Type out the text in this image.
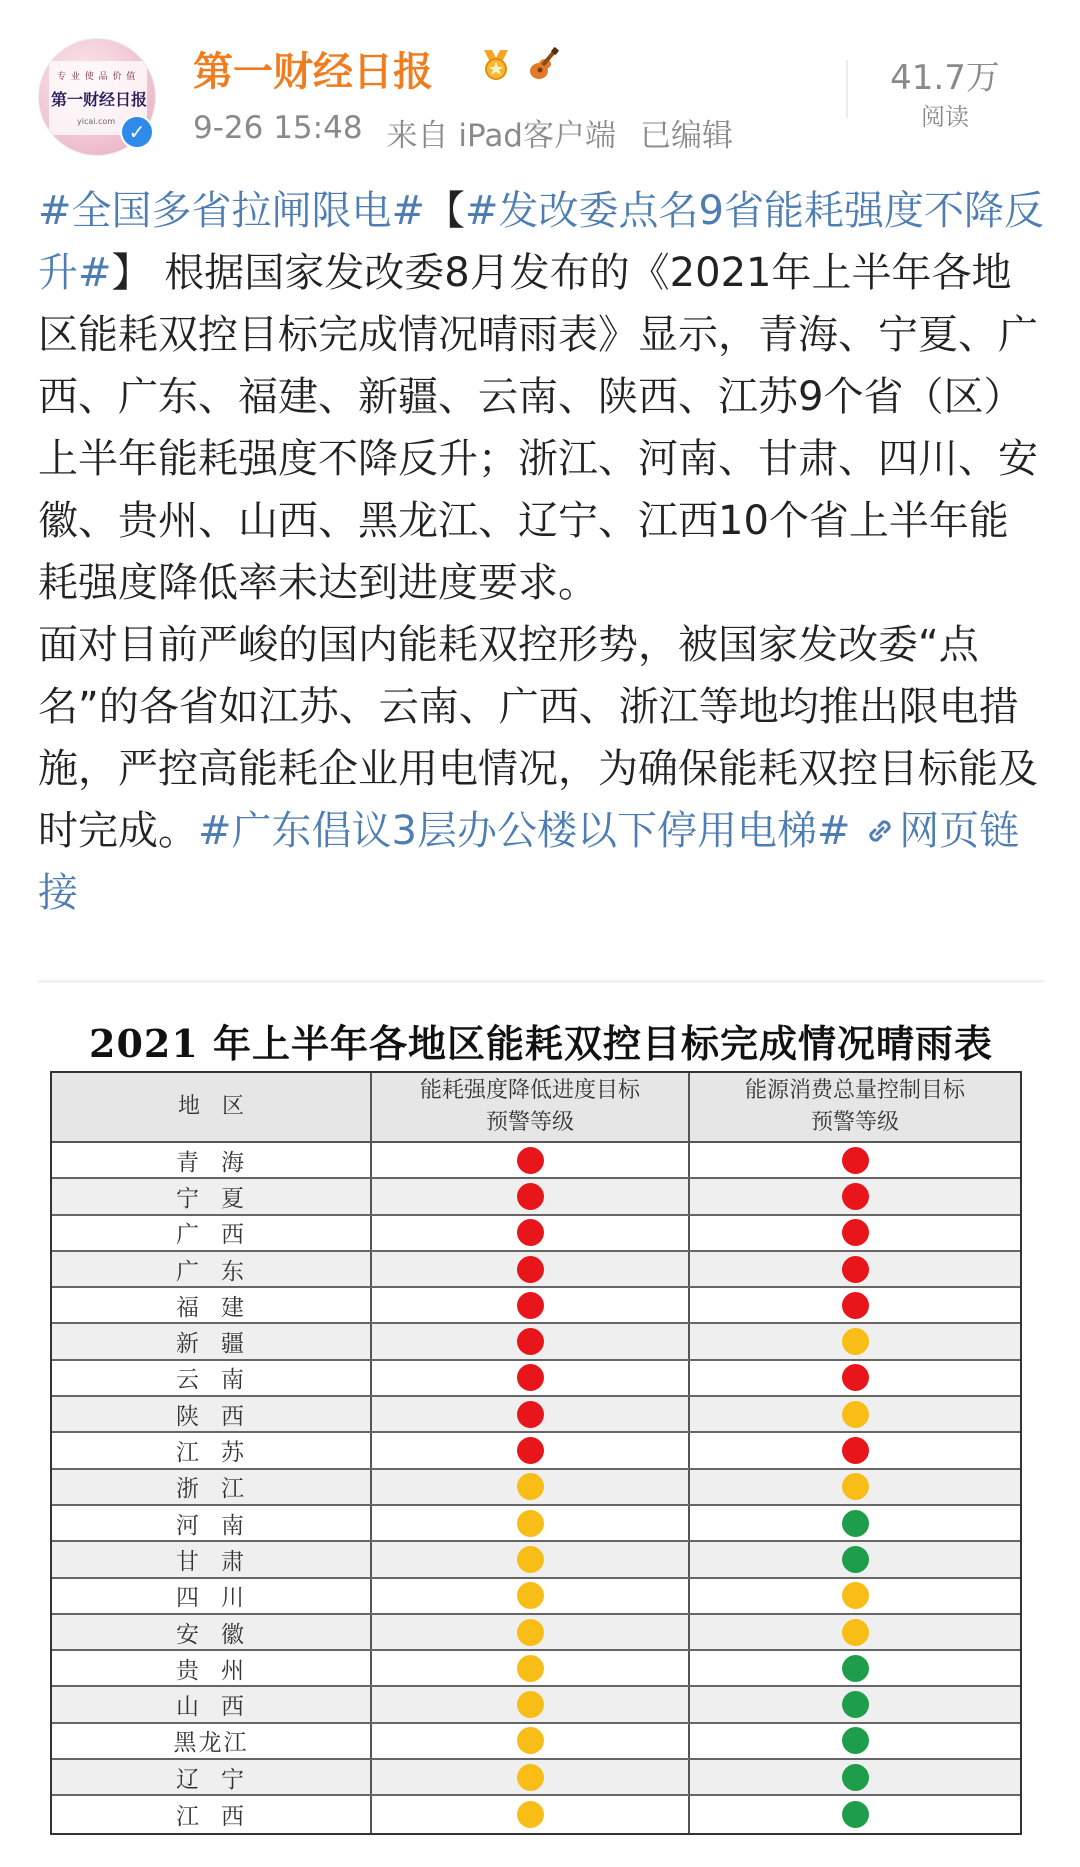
专 业 使 品 价 值
第一财经日报
yicai.com ✓
第一财经日报
9-26 15:48 来自 iPad客户端 已编辑
41.7万
阅读

#全国多省拉闸限电#【#发改委点名9省能耗强度不降反升#】 根据国家发改委8月发布的《2021年上半年各地区能耗双控目标完成情况晴雨表》显示，青海、宁夏、广西、广东、福建、新疆、云南、陕西、江苏9个省（区）上半年能耗强度不降反升；浙江、河南、甘肃、四川、安徽、贵州、山西、黑龙江、辽宁、江西10个省上半年能耗强度降低率未达到进度要求。

面对目前严峻的国内能耗双控形势，被国家发改委“点名”的各省如江苏、云南、广西、浙江等地均推出限电措施，严控高能耗企业用电情况，为确保能耗双控目标能及时完成。#广东倡议3层办公楼以下停用电梯# 网页链接

2021 年上半年各地区能耗双控目标完成情况晴雨表
地　区
能耗强度降低进度目标
预警等级
能源消费总量控制目标
预警等级
青海
宁夏
广西
广东
福建
新疆
云南
陕西
江苏
浙江
河南
甘肃
四川
安徽
贵州
山西
黑龙江
辽宁
江西
